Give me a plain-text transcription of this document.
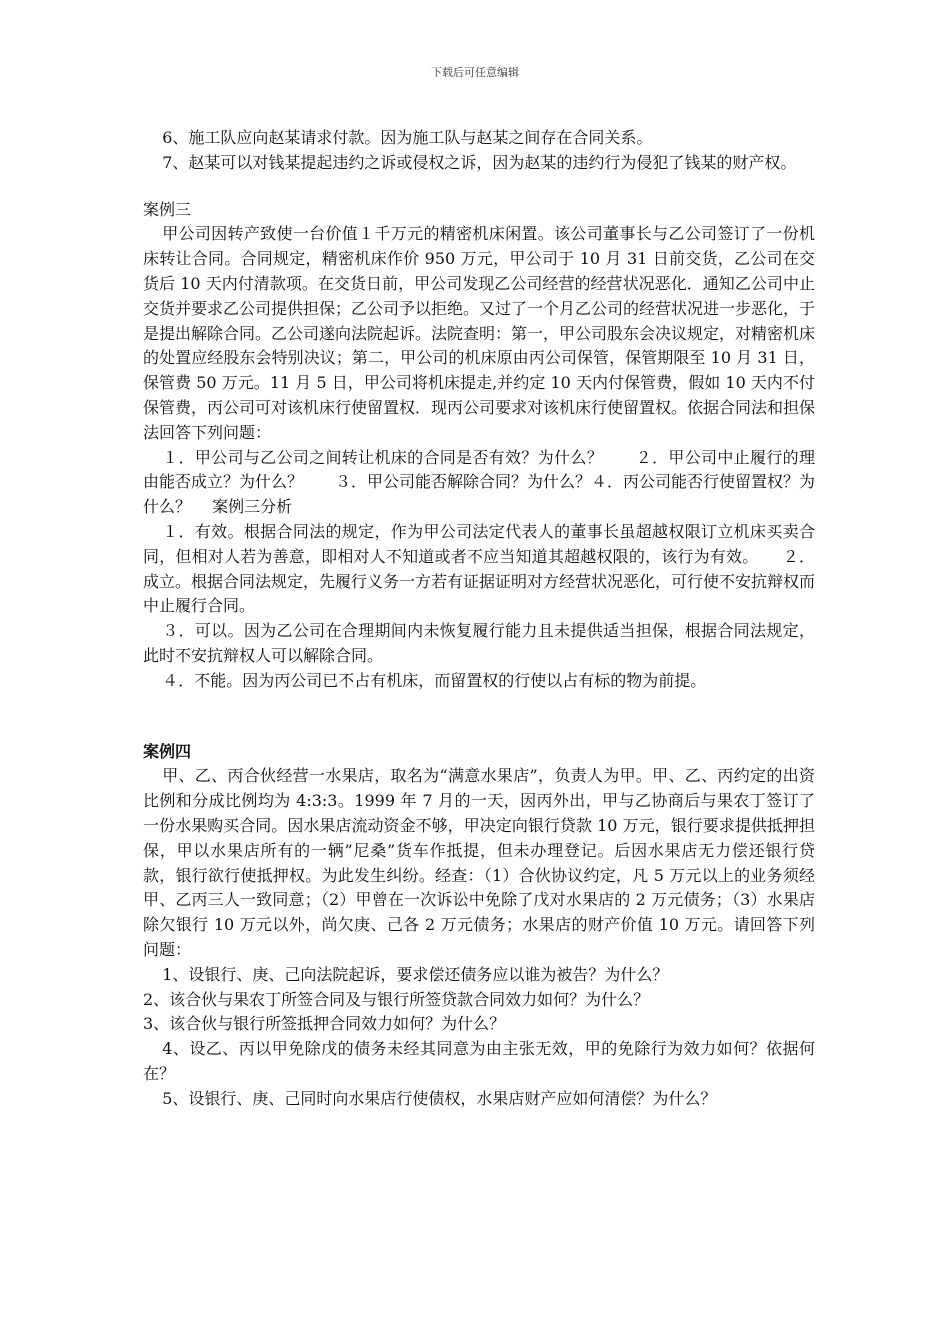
下载后可任意编辑

6、施工队应向赵某请求付款。因为施工队与赵某之间存在合同关系。

7、赵某可以对钱某提起违约之诉或侵权之诉，因为赵某的违约行为侵犯了钱某的财产权。

案例三

甲公司因转产致使一台价值１千万元的精密机床闲置。该公司董事长与乙公司签订了一份机床转让合同。合同规定，精密机床作价 950 万元，甲公司于 10 月 31 日前交货，乙公司在交货后 10 天内付清款项。在交货日前，甲公司发现乙公司经营的经营状况恶化．通知乙公司中止交货并要求乙公司提供担保；乙公司予以拒绝。又过了一个月乙公司的经营状况进一步恶化，于是提出解除合同。乙公司遂向法院起诉。法院查明：第一，甲公司股东会决议规定，对精密机床的处置应经股东会特别决议；第二，甲公司的机床原由丙公司保管，保管期限至 10 月 31 日，保管费 50 万元。11 月 5 日，甲公司将机床提走,并约定 10 天内付保管费，假如 10 天内不付保管费，丙公司可对该机床行使留置权．现丙公司要求对该机床行使留置权。依据合同法和担保法回答下列问题：

１．甲公司与乙公司之间转让机床的合同是否有效？为什么？　　２．甲公司中止履行的理由能否成立？为什么？　　３．甲公司能否解除合同？为什么？４．丙公司能否行使留置权？为什么？　 案例三分析

１．有效。根据合同法的规定，作为甲公司法定代表人的董事长虽超越权限订立机床买卖合同，但相对人若为善意，即相对人不知道或者不应当知道其超越权限的，该行为有效。　　２．成立。根据合同法规定，先履行义务一方若有证据证明对方经营状况恶化，可行使不安抗辩权而中止履行合同。

３．可以。因为乙公司在合理期间内未恢复履行能力且未提供适当担保，根据合同法规定，此时不安抗辩权人可以解除合同。

４．不能。因为丙公司已不占有机床，而留置权的行使以占有标的物为前提。

案例四

甲、乙、丙合伙经营一水果店，取名为“满意水果店”，负责人为甲。甲、乙、丙约定的出资比例和分成比例均为 4:3:3。1999 年 7 月的一天，因丙外出，甲与乙协商后与果农丁签订了一份水果购买合同。因水果店流动资金不够，甲决定向银行贷款 10 万元，银行要求提供抵押担保，甲以水果店所有的一辆”尼桑”货车作抵提，但未办理登记。后因水果店无力偿还银行贷款，银行欲行使抵押权。为此发生纠纷。经查：（1）合伙协议约定，凡 5 万元以上的业务须经甲、乙丙三人一致同意；（2）甲曾在一次诉讼中免除了戊对水果店的 2 万元债务；（3）水果店除欠银行 10 万元以外，尚欠庚、己各 2 万元债务；水果店的财产价值 10 万元。请回答下列问题：

1、设银行、庚、己向法院起诉，要求偿还债务应以谁为被告？为什么？

2、该合伙与果农丁所签合同及与银行所签贷款合同效力如何？为什么？

3、该合伙与银行所签抵押合同效力如何？为什么？

4、设乙、丙以甲免除戊的债务未经其同意为由主张无效，甲的免除行为效力如何？依据何在？

5、设银行、庚、己同时向水果店行使债权，水果店财产应如何清偿？为什么？
